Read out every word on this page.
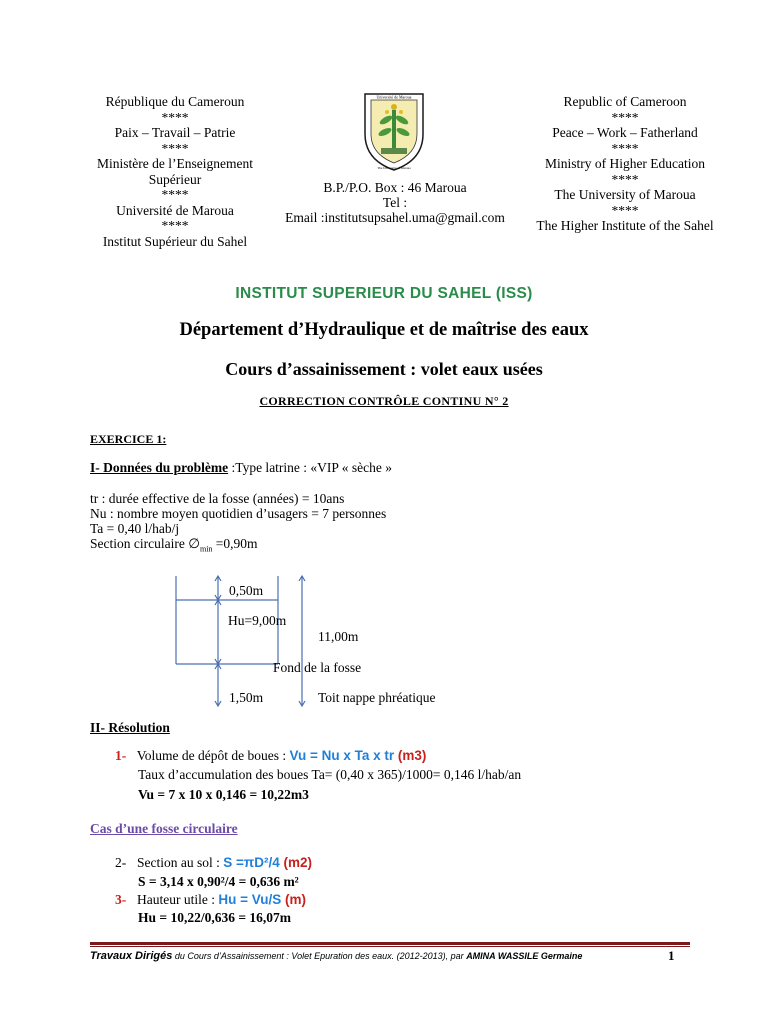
République du Cameroun
****
Paix – Travail – Patrie
****
Ministère de l’Enseignement
Supérieur
****
Université de Maroua
****
Institut Supérieur du Sahel
Université de Maroua
The University of Maroua
B.P./P.O. Box : 46 Maroua
Tel :
Email :institutsupsahel.uma@gmail.com
Republic of Cameroon
****
Peace – Work – Fatherland
****
Ministry of Higher Education
****
The University of Maroua
****
The Higher Institute of the Sahel
INSTITUT SUPERIEUR DU SAHEL (ISS)
Département d’Hydraulique et de maîtrise des eaux
Cours d’assainissement : volet eaux usées
CORRECTION CONTRÔLE CONTINU N° 2
EXERCICE 1:
I- Données du problème :Type latrine : «VIP « sèche »
tr : durée effective de la fosse (années) = 10ans
Nu : nombre moyen quotidien d’usagers = 7 personnes
Ta = 0,40 l/hab/j
Section circulaire $\emptyset_{min} =0,90m$
0,50m
Hu=9,00m
11,00m
Fond de la fosse
1,50m	Toit nappe phréatique
II- Résolution
1- Volume de dépôt de boues : Vu = Nu x Ta x tr (m3)
Taux d’accumulation des boues Ta= (0,40 x 365)/1000= 0,146 l/hab/an
Vu = 7 x 10 x 0,146 = 10,22m3
Cas d’une fosse circulaire
2- Section au sol : S =πD²/4 (m2)
S = 3,14 x 0,90²/4 = 0,636 m²
3- Hauteur utile : Hu = Vu/S (m)
Hu = 10,22/0,636 = 16,07m
Travaux Dirigés du Cours d’Assainissement : Volet Epuration des eaux. (2012-2013), par AMINA WASSILE Germaine	1
